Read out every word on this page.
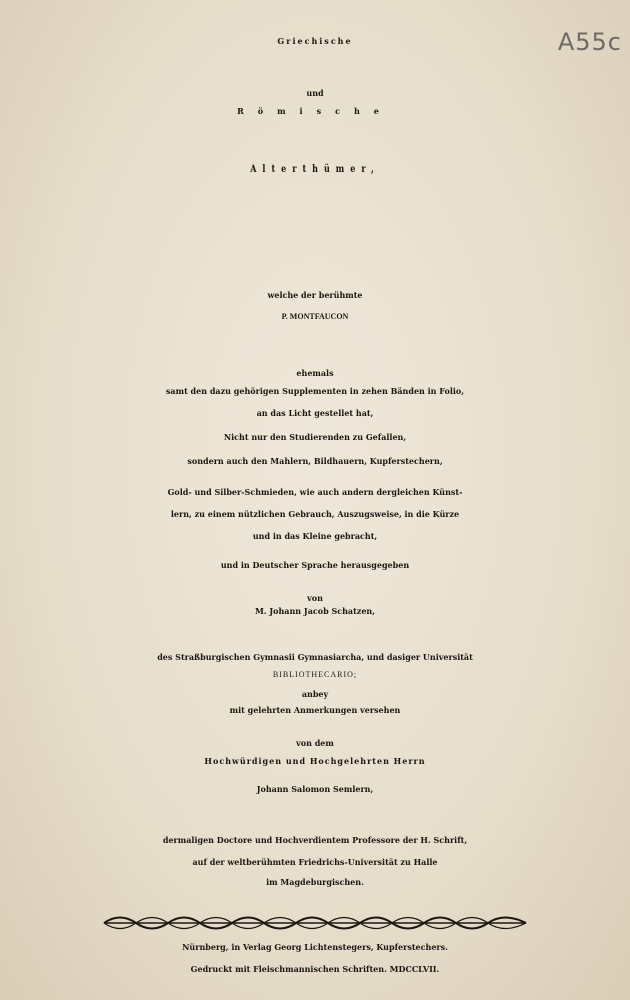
A55c
Griechische
und
Römische
Alterthümer,
welche der berühmte
P. MONTFAUCON
ehemals
samt den dazu gehörigen Supplementen in zehen Bänden in Folio,
an das Licht gestellet hat,
Nicht nur den Studierenden zu Gefallen,
sondern auch den Mahlern, Bildhauern, Kupferstechern,
Gold- und Silber-Schmieden, wie auch andern dergleichen Künst-
lern, zu einem nützlichen Gebrauch, Auszugsweise, in die Kürze
und in das Kleine gebracht,
und in Deutscher Sprache herausgegeben
von
M. Johann Jacob Schatzen,
des Straßburgischen Gymnasii Gymnasiarcha, und dasiger Universität
BIBLIOTHECARIO;
anbey
mit gelehrten Anmerkungen versehen
von dem
Hochwürdigen und Hochgelehrten Herrn
Johann Salomon Semlern,
dermaligen Doctore und Hochverdientem Professore der H. Schrift,
auf der weltberühmten Friedrichs-Universität zu Halle
im Magdeburgischen.
Nürnberg, in Verlag Georg Lichtenstegers, Kupferstechers.
Gedruckt mit Fleischmannischen Schriften. MDCCLVII.
